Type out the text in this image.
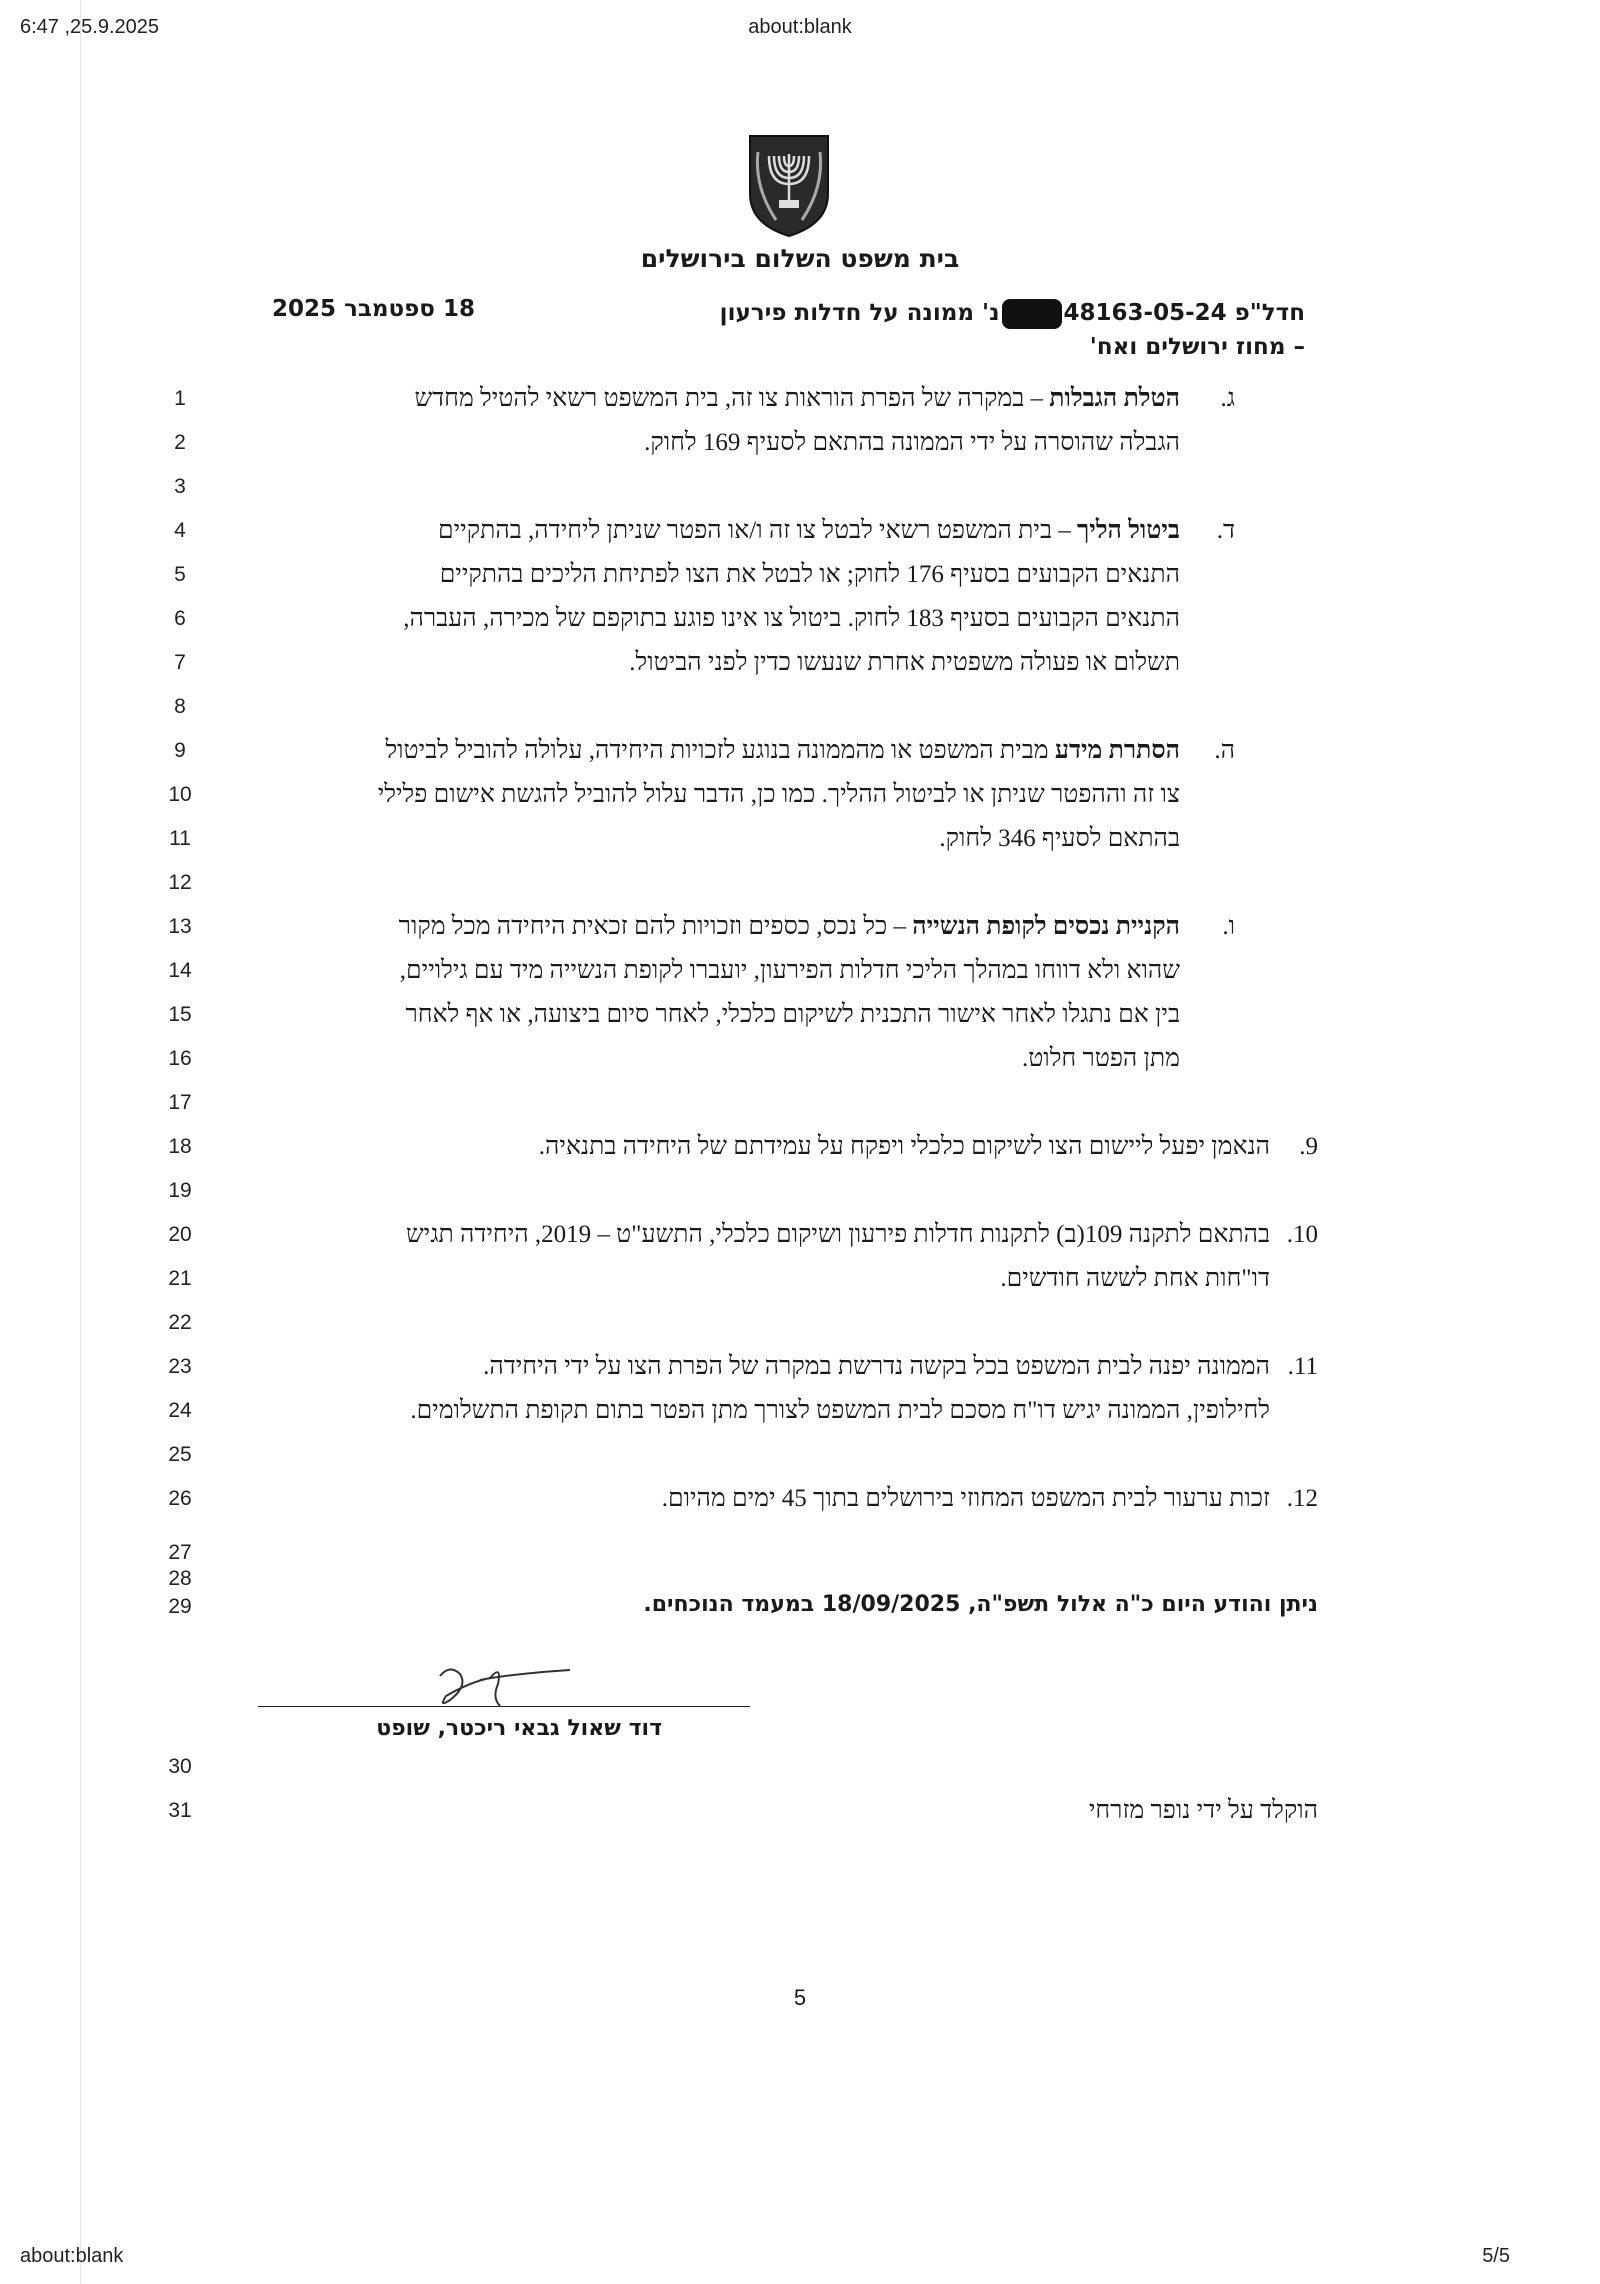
6:47 ,25.9.2025	about:blank
בית משפט השלום בירושלים
חדל"פ 48163-05-24נ' ממונה על חדלות פירעון
– מחוז ירושלים ואח'
18 ספטמבר 2025
1
2
3
4
5
6
7
8
9
10
11
12
13
14
15
16
17
18
19
20
21
22
23
24
25
26
27
28
29
30
31
ג.
הטלת הגבלות – במקרה של הפרת הוראות צו זה, בית המשפט רשאי להטיל מחדש
הגבלה שהוסרה על ידי הממונה בהתאם לסעיף 169 לחוק.
ד.
ביטול הליך – בית המשפט רשאי לבטל צו זה ו/או הפטר שניתן ליחידה, בהתקיים
התנאים הקבועים בסעיף 176 לחוק; או לבטל את הצו לפתיחת הליכים בהתקיים
התנאים הקבועים בסעיף 183 לחוק. ביטול צו אינו פוגע בתוקפם של מכירה, העברה,
תשלום או פעולה משפטית אחרת שנעשו כדין לפני הביטול.
ה.
הסתרת מידע מבית המשפט או מהממונה בנוגע לזכויות היחידה, עלולה להוביל לביטול
צו זה וההפטר שניתן או לביטול ההליך. כמו כן, הדבר עלול להוביל להגשת אישום פלילי
בהתאם לסעיף 346 לחוק.
ו.
הקניית נכסים לקופת הנשייה – כל נכס, כספים וזכויות להם זכאית היחידה מכל מקור
שהוא ולא דווחו במהלך הליכי חדלות הפירעון, יועברו לקופת הנשייה מיד עם גילויים,
בין אם נתגלו לאחר אישור התכנית לשיקום כלכלי, לאחר סיום ביצועה, או אף לאחר
מתן הפטר חלוט.
9.
הנאמן יפעל ליישום הצו לשיקום כלכלי ויפקח על עמידתם של היחידה בתנאיה.
10.
בהתאם לתקנה 109(ב) לתקנות חדלות פירעון ושיקום כלכלי, התשע"ט – 2019, היחידה תגיש
דו"חות אחת לששה חודשים.
11.
הממונה יפנה לבית המשפט בכל בקשה נדרשת במקרה של הפרת הצו על ידי היחידה.
לחילופין, הממונה יגיש דו"ח מסכם לבית המשפט לצורך מתן הפטר בתום תקופת התשלומים.
12.
זכות ערעור לבית המשפט המחוזי בירושלים בתוך 45 ימים מהיום.
ניתן והודע היום כ"ה אלול תשפ"ה, 18/09/2025 במעמד הנוכחים.
דוד שאול גבאי ריכטר, שופט
הוקלד על ידי נופר מזרחי
5
about:blank	5/5
